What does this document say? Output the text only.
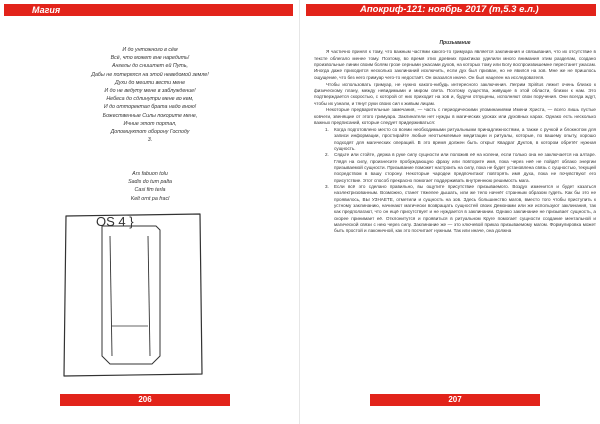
Магия
И до унтожного в сём
Всё, что может вне наредить!
Ангелы до сништет ей Путь,
Дабы не потерялся на этой неведомой земле!
Духи до мешти вести мене
И до не ведуту мене в заблуждение!
Небеса до сдлинутри мене во кем,
И до отторектал брата надо вною!
Божественные Силы покорите мене,
Ичние этот портал,
Допомиуктот оборону Господу
3.
Ars fabuon tolu
Sadis do tum palta
Casi fim terla
Kelt ornt pa fracl
OS 4 }
206
Апокриф-121: ноябрь 2017 (m,5.3 e.л.)
Призывание

Я частично принял к тому, что важным частями какого-то гримуара является заклинания и связывания, что их отсутствие в тексте облегало менее тому. Поэтому, во время этих древних практиках уделили много внимания этим разделам, создано произвольные линии своим болям грозе серными ужасами духов, на которых тому или Богу воспроизвишемне перестанет ужасам. Иногда даже приходится несколько заклинаний исключить, если дух был призван, но не явился на зов. Мне же не пришлось ощущение, что без него гримуар чего-то недостаёт. Он оказался иначе. Он был нацелен на исследователя.

Чтобы использовать гримуар, не нужно какого-нибудь интересного заключения. Легрим Spiritus лежит очень близко к физическому плану, между невидимыми и миром света. Поэтому существа, живущие в этой области, близки к нам. Это подтверждается скоростью, с которой от них приходит на зов и, будучи отпущены, исполняют свои поручения. Они всегда ждут, чтобы их узнали, и тянут руки своих сил к живым лицам.

Некоторые предварительные замечания, — часть с периодическими упоминаниями Имени Христа, — всего лишь пустые ковчеги, звенящие от этого гримуара. Заклинатели нет нужды в магических уроках или духовных карах. Однако есть несколько важных предписаний, которые следует придерживаться:

1. Когда подготовлено место со всеми необходимыми ритуальными принадлежностями, а также с ручкой и блокнотом для записи информации, простирайте любые неотъемлемые медитации и ритуалы, которые, по вашему опыту, хорошо подходят для магических операций. В это время должен быть открыт Квадрат Дуктов, в котором обретёт нужная сущность.
2. Сядьте или стойте, держа в руке силу сущности или положив её на колени, если только она не заключается на алтаре. Глядя на силу, произнесите пробуждающую фразу или повторите имя, пока через неё не пойдёт облако энергии призываемой сущности. Призывание поможет настроить на силу, пока не будет установлена связь с сущностью, текущей посредством в вашу сторону. Некоторые чародеи предпочитают повторять имя духа, пока не почувствуют его присутствие. Этот способ прекрасно помогает поддерживать внутреннюю решимость мага.
3. Если всё это сделано правильно, вы ощутите присутствие призываемого. Воздух изменится и будет казаться наэлектризованным. Возможно, станет тяжелее дышать, или же тело начнёт странным образом гудеть. Как бы это не проявилось, ВЫ УЗНАЕТЕ, отметили и сущность на зов. Здесь большинство магов, вместо того чтобы приступить к устному заклинанию, начинают магически возвращать сущностей своих Демонами или же используют заклинания, так как предполагают, что он ещё присутствует и не нуждается в заклинании. Однако заклинание не призывает сущность, а скорее принимает её. Отклонитутся и проявиться в ритуальном Круге помогает сущности создание ментальной и магической связи с нею через силу. Заклинание же — это ключевой приказ призываемому магом. Формулировка может быть простой и лаконичной, как это посчитает нужным. Так или иначе, она должна
207
